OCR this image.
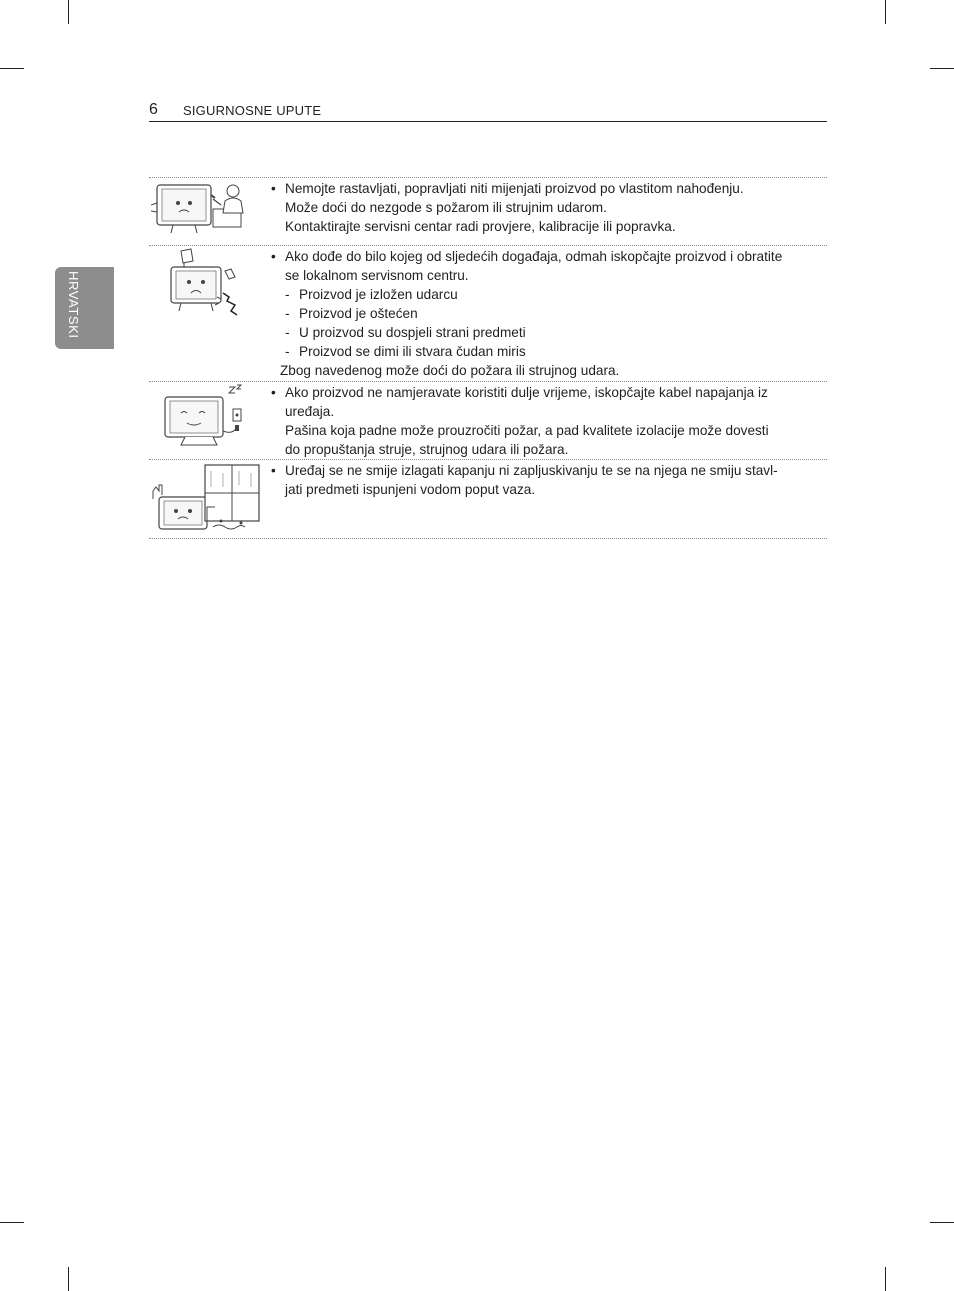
6 SIGURNOSNE UPUTE
HRVATSKI
• Nemojte rastavljati, popravljati niti mijenjati proizvod po vlastitom nahođenju.
Može doći do nezgode s požarom ili strujnim udarom.
Kontaktirajte servisni centar radi provjere, kalibracije ili popravka.
• Ako dođe do bilo kojeg od sljedećih događaja, odmah iskopčajte proizvod i obratite
se lokalnom servisnom centru.
- Proizvod je izložen udarcu
- Proizvod je oštećen
- U proizvod su dospjeli strani predmeti
- Proizvod se dimi ili stvara čudan miris
Zbog navedenog može doći do požara ili strujnog udara.
• Ako proizvod ne namjeravate koristiti dulje vrijeme, iskopčajte kabel napajanja iz
uređaja.
Pašina koja padne može prouzročiti požar, a pad kvalitete izolacije može dovesti
do propuštanja struje, strujnog udara ili požara.
• Uređaj se ne smije izlagati kapanju ni zapljuskivanju te se na njega ne smiju stavl-
jati predmeti ispunjeni vodom poput vaza.
